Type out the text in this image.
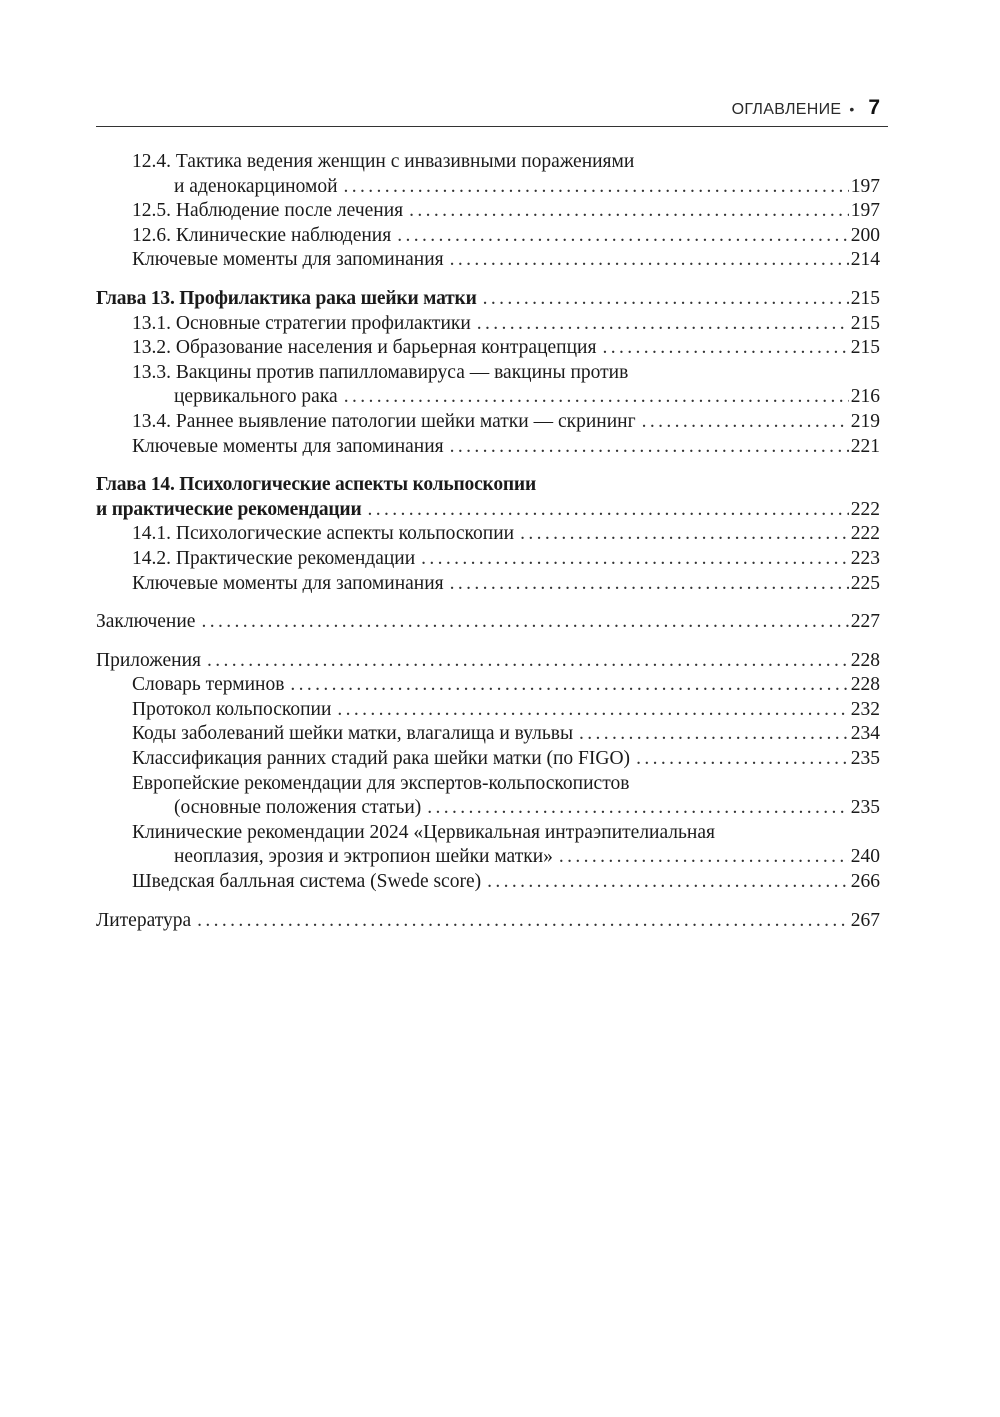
ОГЛАВЛЕНИЕ • 7
12.4. Тактика ведения женщин с инвазивными поражениями
и аденокарциномой . . .	197
12.5. Наблюдение после лечения . . .	197
12.6. Клинические наблюдения . . .	200
Ключевые моменты для запоминания . . .	214
Глава 13. Профилактика рака шейки матки . . .	215
13.1. Основные стратегии профилактики . . .	215
13.2. Образование населения и барьерная контрацепция . . .	215
13.3. Вакцины против папилломавируса — вакцины против
цервикального рака . . .	216
13.4. Раннее выявление патологии шейки матки — скрининг . . .	219
Ключевые моменты для запоминания . . .	221
Глава 14. Психологические аспекты кольпоскопии
и практические рекомендации . . .	222
14.1. Психологические аспекты кольпоскопии . . .	222
14.2. Практические рекомендации . . .	223
Ключевые моменты для запоминания . . .	225
Заключение . . .	227
Приложения . . .	228
Словарь терминов . . .	228
Протокол кольпоскопии . . .	232
Коды заболеваний шейки матки, влагалища и вульвы . . .	234
Классификация ранних стадий рака шейки матки (по FIGO) . . .	235
Европейские рекомендации для экспертов-кольпоскопистов
(основные положения статьи) . . .	235
Клинические рекомендации 2024 «Цервикальная интраэпителиальная
неоплазия, эрозия и эктропион шейки матки» . . .	240
Шведская балльная система (Swede score) . . .	266
Литература . . .	267
